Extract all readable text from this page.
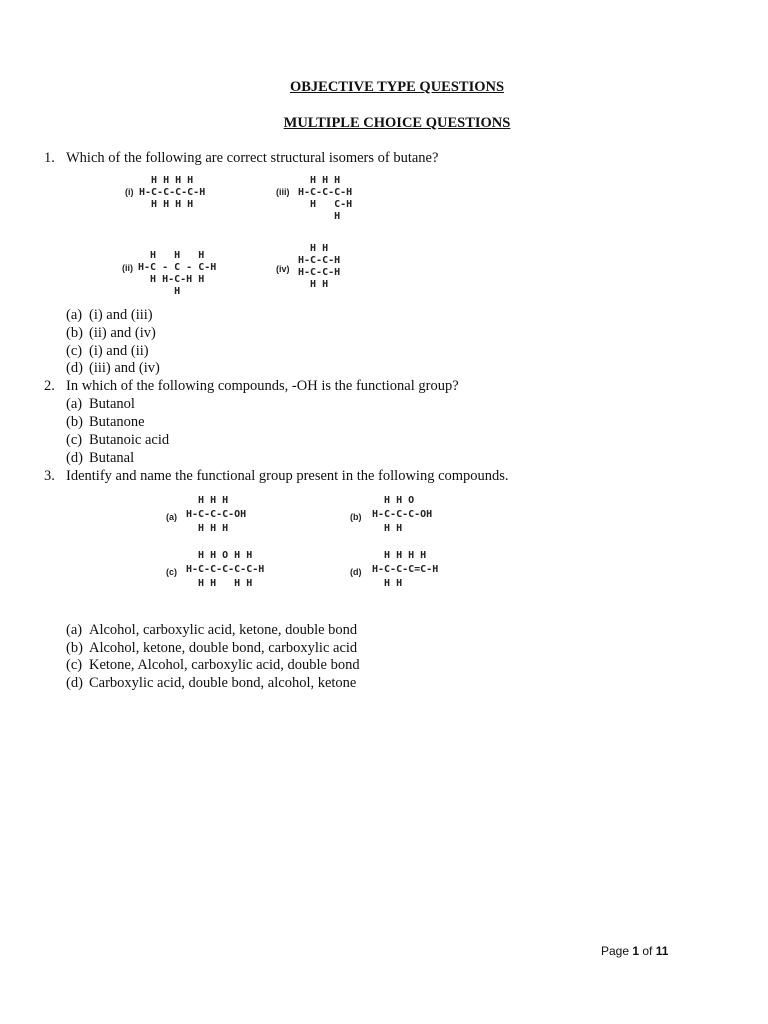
OBJECTIVE TYPE QUESTIONS
MULTIPLE CHOICE QUESTIONS
1. Which of the following are correct structural isomers of butane?
(i)
H H H H
H-C-C-C-C-H
H H H H
(iii)
H H H
H-C-C-C-H
H   C-H
H
(ii)
H   H   H
H-C - C - C-H
H H-C-H H
H
(iv)
H H
H-C-C-H
H-C-C-H
H H
(a) (i) and (iii)
(b) (ii) and (iv)
(c) (i) and (ii)
(d) (iii) and (iv)
2. In which of the following compounds, -OH is the functional group?
(a) Butanol
(b) Butanone
(c) Butanoic acid
(d) Butanal
3. Identify and name the functional group present in the following compounds.
(a)
H H H
H-C-C-C-OH
H H H
(b)
H H O
H-C-C-C-OH
H H
(c)
H H O H H
H-C-C-C-C-C-H
H H   H H
(d)
H H H H
H-C-C-C=C-H
H H
(a) Alcohol, carboxylic acid, ketone, double bond
(b) Alcohol, ketone, double bond, carboxylic acid
(c) Ketone, Alcohol, carboxylic acid, double bond
(d) Carboxylic acid, double bond, alcohol, ketone
Page 1 of 11
